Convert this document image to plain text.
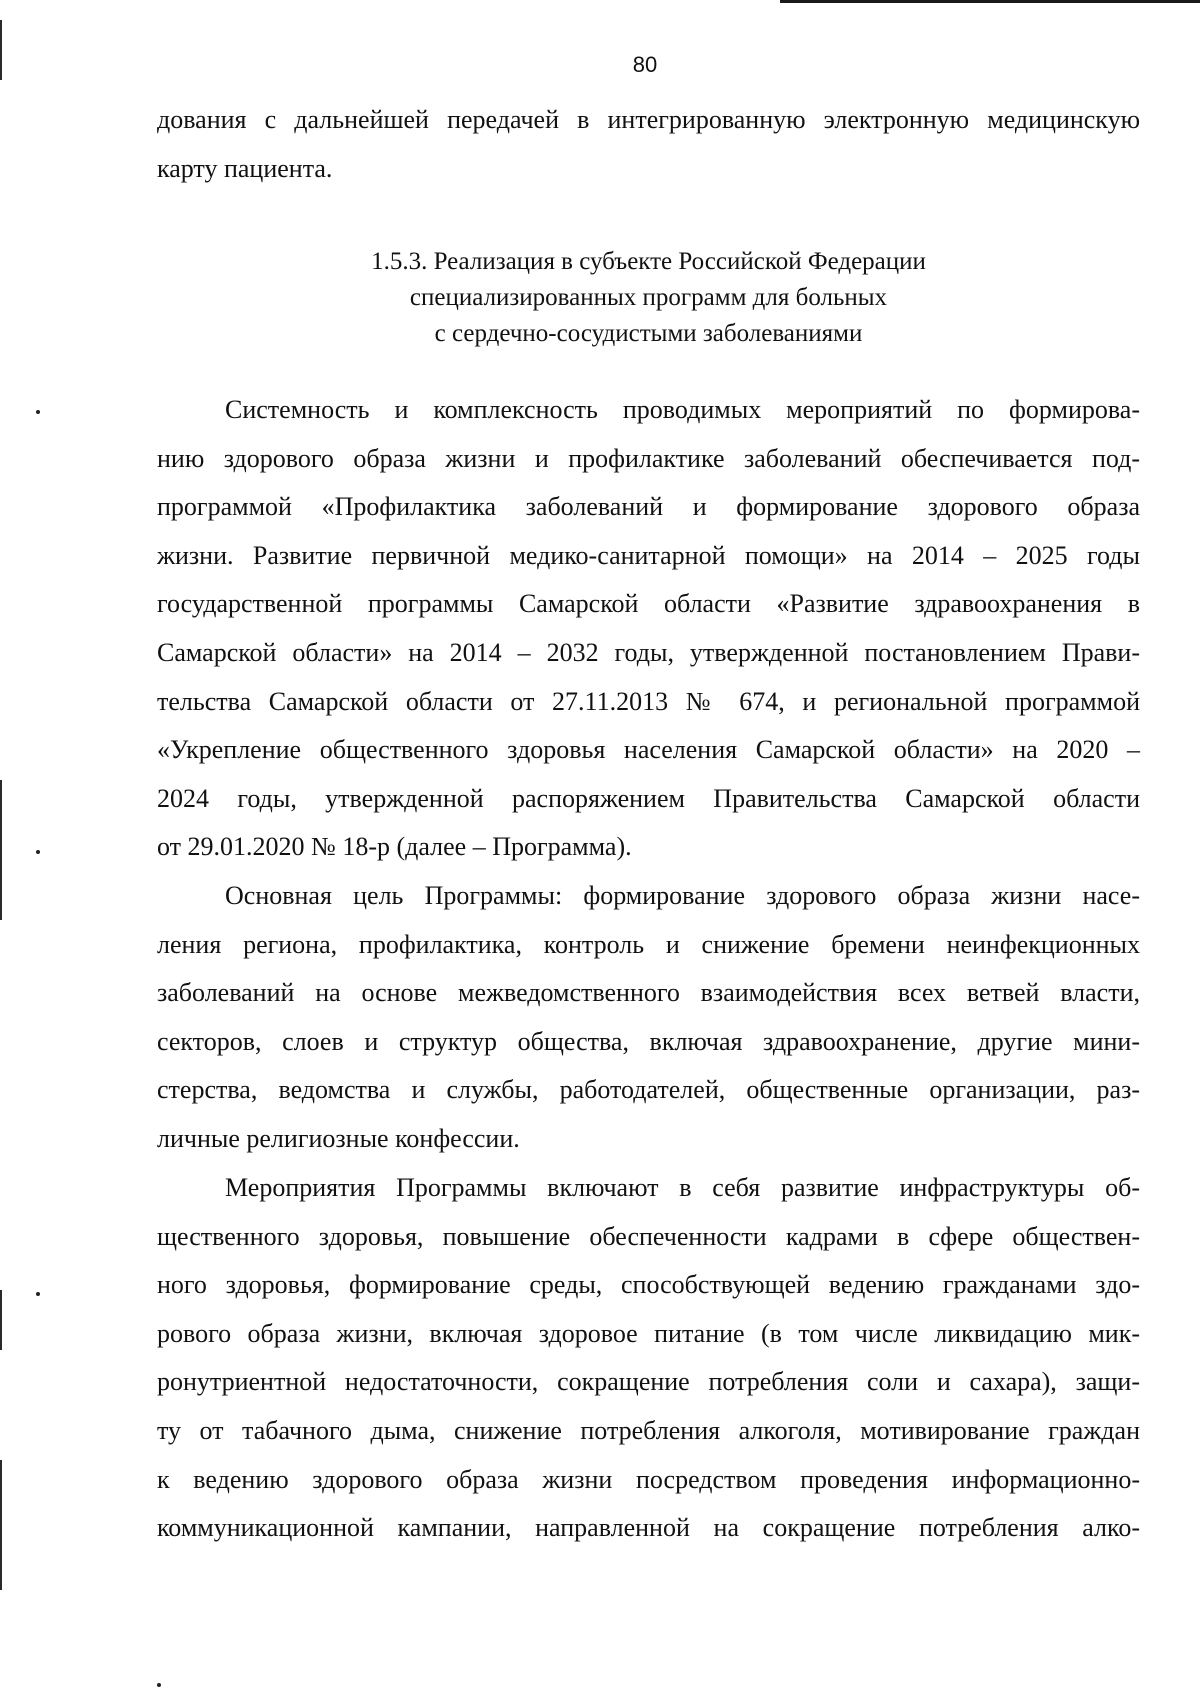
80
дования с дальнейшей передачей в интегрированную электронную медицинскую
карту пациента.
1.5.3. Реализация в субъекте Российской Федерации
специализированных программ для больных
с сердечно-сосудистыми заболеваниями
Системность и комплексность проводимых мероприятий по формирова-
нию здорового образа жизни и профилактике заболеваний обеспечивается под-
программой «Профилактика заболеваний и формирование здорового образа
жизни. Развитие первичной медико-санитарной помощи» на 2014 – 2025 годы
государственной программы Самарской области «Развитие здравоохранения в
Самарской области» на 2014 – 2032 годы, утвержденной постановлением Прави-
тельства Самарской области от 27.11.2013 № 674, и региональной программой
«Укрепление общественного здоровья населения Самарской области» на 2020 –
2024 годы, утвержденной распоряжением Правительства Самарской области
от 29.01.2020 № 18-р (далее – Программа).
Основная цель Программы: формирование здорового образа жизни насе-
ления региона, профилактика, контроль и снижение бремени неинфекционных
заболеваний на основе межведомственного взаимодействия всех ветвей власти,
секторов, слоев и структур общества, включая здравоохранение, другие мини-
стерства, ведомства и службы, работодателей, общественные организации, раз-
личные религиозные конфессии.
Мероприятия Программы включают в себя развитие инфраструктуры об-
щественного здоровья, повышение обеспеченности кадрами в сфере обществен-
ного здоровья, формирование среды, способствующей ведению гражданами здо-
рового образа жизни, включая здоровое питание (в том числе ликвидацию мик-
ронутриентной недостаточности, сокращение потребления соли и сахара), защи-
ту от табачного дыма, снижение потребления алкоголя, мотивирование граждан
к ведению здорового образа жизни посредством проведения информационно-
коммуникационной кампании, направленной на сокращение потребления алко-
